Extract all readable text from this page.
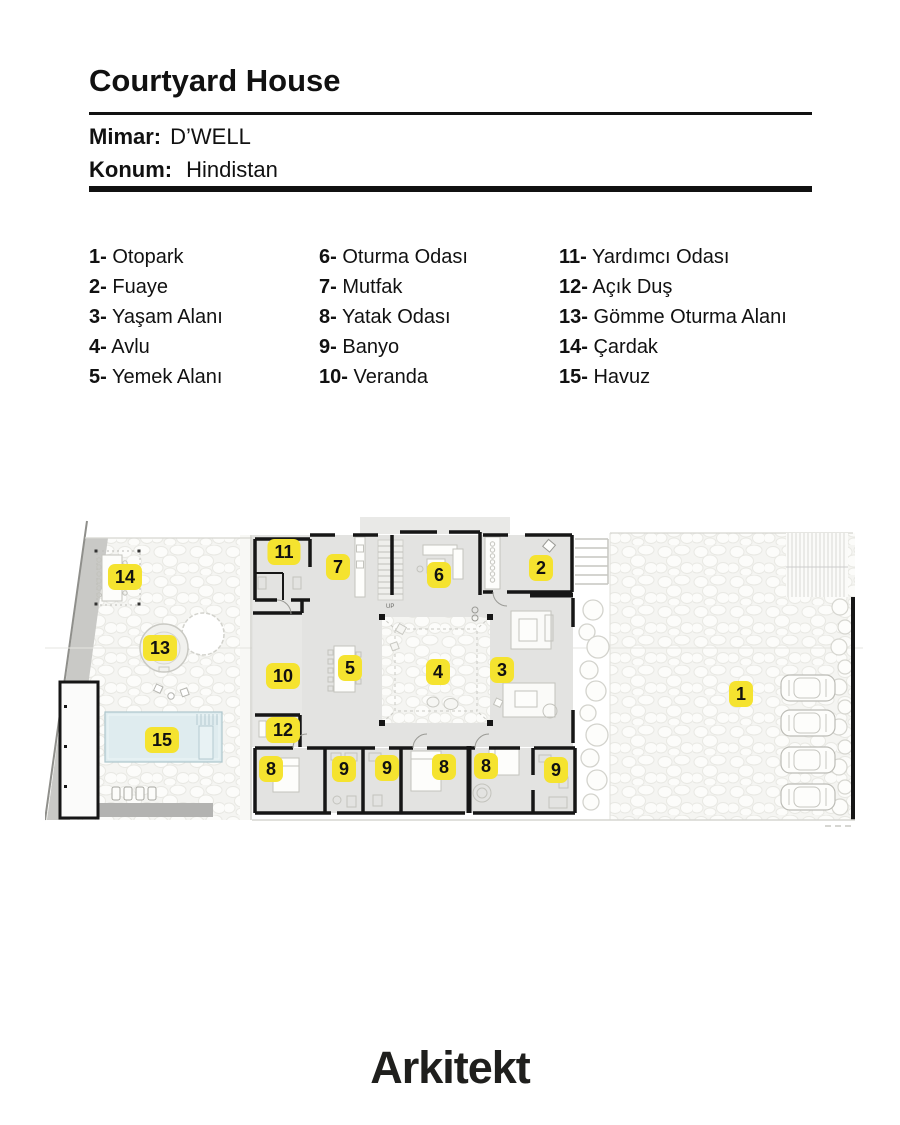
Courtyard House
Mimar: D’WELL
Konum: Hindistan
1- Otopark
2- Fuaye
3- Yaşam Alanı
4- Avlu
5- Yemek Alanı
6- Oturma Odası
7- Mutfak
8- Yatak Odası
9- Banyo
10- Veranda
11- Yardımcı Odası
12- Açık Duş
13- Gömme Oturma Alanı
14- Çardak
15- Havuz
UP
1
2
3
4
5
6
7
8	9	9	8	8	9
10
11
12
13
14
15
Arkitekt
